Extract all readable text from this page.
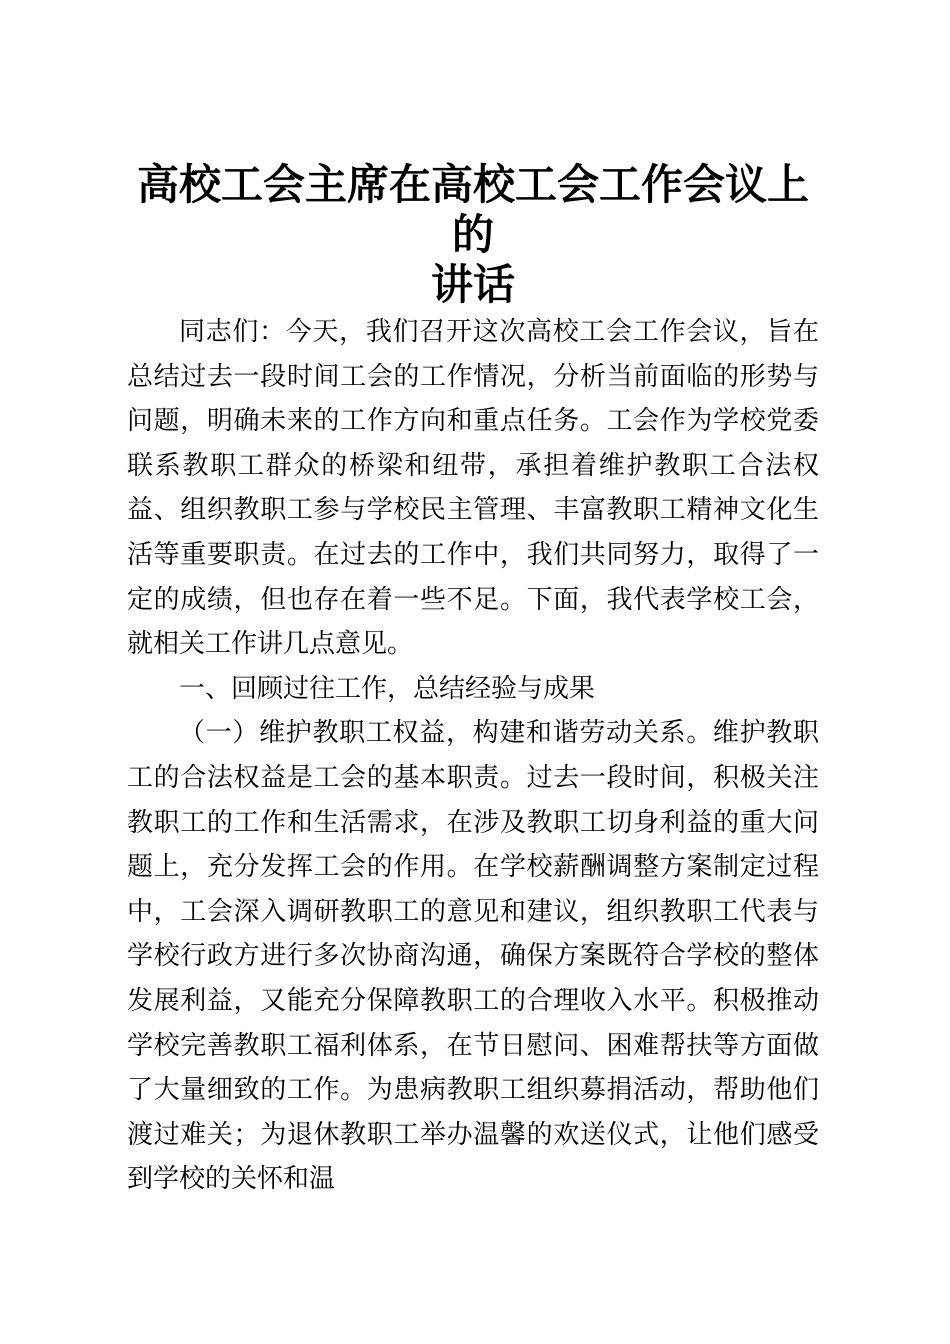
高校工会主席在高校工会工作会议上的
讲话

同志们：今天，我们召开这次高校工会工作会议，旨在总结过去一段时间工会的工作情况，分析当前面临的形势与问题，明确未来的工作方向和重点任务。工会作为学校党委联系教职工群众的桥梁和纽带，承担着维护教职工合法权益、组织教职工参与学校民主管理、丰富教职工精神文化生活等重要职责。在过去的工作中，我们共同努力，取得了一定的成绩，但也存在着一些不足。下面，我代表学校工会，就相关工作讲几点意见。

一、回顾过往工作，总结经验与成果

（一）维护教职工权益，构建和谐劳动关系。维护教职工的合法权益是工会的基本职责。过去一段时间，积极关注教职工的工作和生活需求，在涉及教职工切身利益的重大问题上，充分发挥工会的作用。在学校薪酬调整方案制定过程中，工会深入调研教职工的意见和建议，组织教职工代表与学校行政方进行多次协商沟通，确保方案既符合学校的整体发展利益，又能充分保障教职工的合理收入水平。积极推动学校完善教职工福利体系，在节日慰问、困难帮扶等方面做了大量细致的工作。为患病教职工组织募捐活动，帮助他们渡过难关；为退休教职工举办温馨的欢送仪式，让他们感受到学校的关怀和温
